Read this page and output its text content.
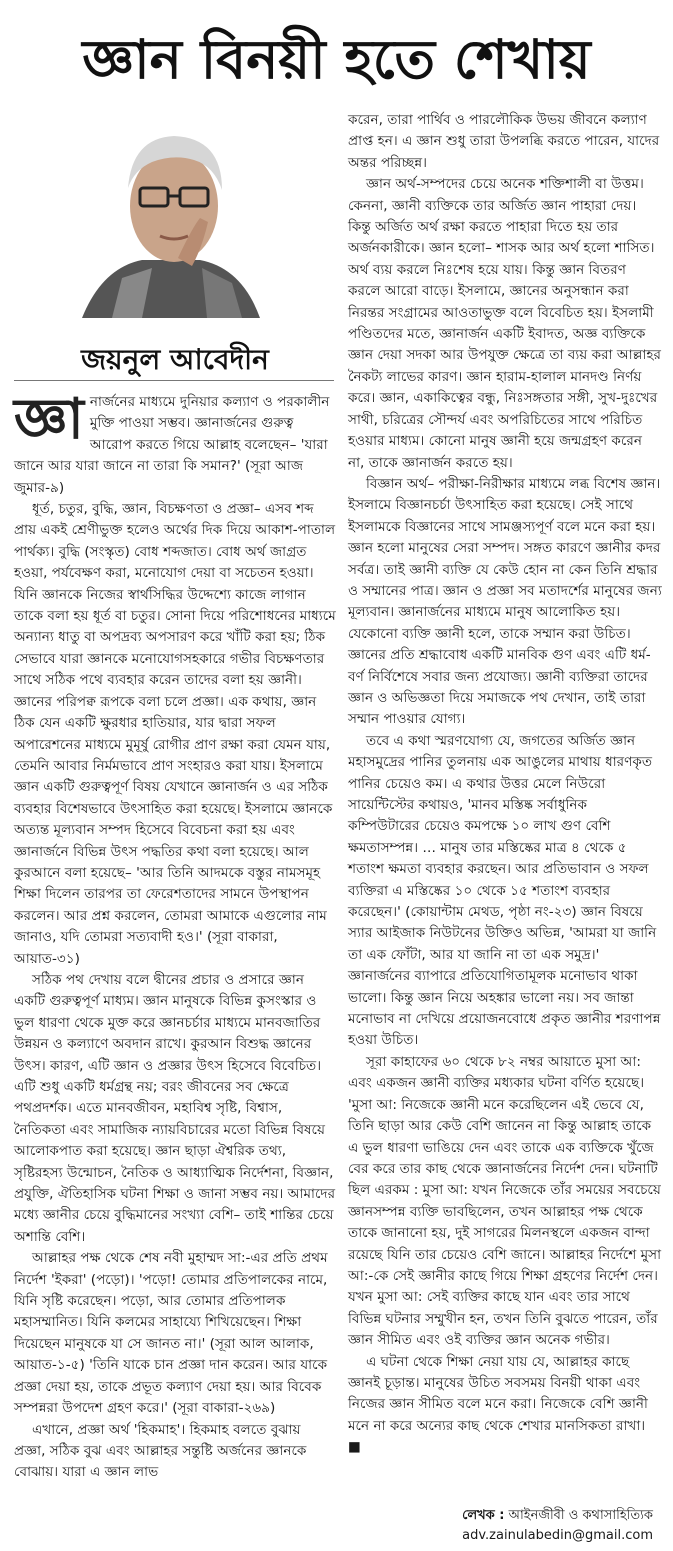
জ্ঞান বিনয়ী হতে শেখায়
জয়নুল আবেদীন

জ্ঞা নার্জনের মাধ্যমে দুনিয়ার কল্যাণ ও পরকালীন মুক্তি পাওয়া সম্ভব। জ্ঞানার্জনের গুরুত্ব আরোপ করতে গিয়ে আল্লাহ বলেছেন– 'যারা জানে আর যারা জানে না তারা কি সমান?' (সূরা আজ জুমার-৯)

ধূর্ত, চতুর, বুদ্ধি, জ্ঞান, বিচক্ষণতা ও প্রজ্ঞা– এসব শব্দ প্রায় একই শ্রেণীভুক্ত হলেও অর্থের দিক দিয়ে আকাশ-পাতাল পার্থক্য। বুদ্ধি (সংস্কৃত) বোধ শব্দজাত। বোধ অর্থ জাগ্রত হওয়া, পর্যবেক্ষণ করা, মনোযোগ দেয়া বা সচেতন হওয়া। যিনি জ্ঞানকে নিজের স্বার্থসিদ্ধির উদ্দেশ্যে কাজে লাগান তাকে বলা হয় ধূর্ত বা চতুর। সোনা দিয়ে পরিশোধনের মাধ্যমে অন্যান্য ধাতু বা অপদ্রব্য অপসারণ করে খাঁটি করা হয়; ঠিক সেভাবে যারা জ্ঞানকে মনোযোগসহকারে গভীর বিচক্ষণতার সাথে সঠিক পথে ব্যবহার করেন তাদের বলা হয় জ্ঞানী। জ্ঞানের পরিপক্ব রূপকে বলা চলে প্রজ্ঞা। এক কথায়, জ্ঞান ঠিক যেন একটি ক্ষুরধার হাতিয়ার, যার দ্বারা সফল অপারেশনের মাধ্যমে মুমূর্ষু রোগীর প্রাণ রক্ষা করা যেমন যায়, তেমনি আবার নির্মমভাবে প্রাণ সংহারও করা যায়। ইসলামে জ্ঞান একটি গুরুত্বপূর্ণ বিষয় যেখানে জ্ঞানার্জন ও এর সঠিক ব্যবহার বিশেষভাবে উৎসাহিত করা হয়েছে। ইসলামে জ্ঞানকে অত্যন্ত মূল্যবান সম্পদ হিসেবে বিবেচনা করা হয় এবং জ্ঞানার্জনে বিভিন্ন উৎস পদ্ধতির কথা বলা হয়েছে। আল কুরআনে বলা হয়েছে– 'আর তিনি আদমকে বস্তুর নামসমূহ শিক্ষা দিলেন তারপর তা ফেরেশতাদের সামনে উপস্থাপন করলেন। আর প্রশ্ন করলেন, তোমরা আমাকে এগুলোর নাম জানাও, যদি তোমরা সত্যবাদী হও।' (সূরা বাকারা, আয়াত-৩১)

সঠিক পথ দেখায় বলে দ্বীনের প্রচার ও প্রসারে জ্ঞান একটি গুরুত্বপূর্ণ মাধ্যম। জ্ঞান মানুষকে বিভিন্ন কুসংস্কার ও ভুল ধারণা থেকে মুক্ত করে জ্ঞানচর্চার মাধ্যমে মানবজাতির উন্নয়ন ও কল্যাণে অবদান রাখে। কুরআন বিশুদ্ধ জ্ঞানের উৎস। কারণ, এটি জ্ঞান ও প্রজ্ঞার উৎস হিসেবে বিবেচিত। এটি শুধু একটি ধর্মগ্রন্থ নয়; বরং জীবনের সব ক্ষেত্রে পথপ্রদর্শক। এতে মানবজীবন, মহাবিশ্ব সৃষ্টি, বিশ্বাস, নৈতিকতা এবং সামাজিক ন্যায়বিচারের মতো বিভিন্ন বিষয়ে আলোকপাত করা হয়েছে। জ্ঞান ছাড়া ঐশ্বরিক তথ্য, সৃষ্টিরহস্য উন্মোচন, নৈতিক ও আধ্যাত্মিক নির্দেশনা, বিজ্ঞান, প্রযুক্তি, ঐতিহাসিক ঘটনা শিক্ষা ও জানা সম্ভব নয়। আমাদের মধ্যে জ্ঞানীর চেয়ে বুদ্ধিমানের সংখ্যা বেশি– তাই শান্তির চেয়ে অশান্তি বেশি।

আল্লাহর পক্ষ থেকে শেষ নবী মুহাম্মদ সা:-এর প্রতি প্রথম নির্দেশ 'ইকরা' (পড়ো)। 'পড়ো! তোমার প্রতিপালকের নামে, যিনি সৃষ্টি করেছেন। পড়ো, আর তোমার প্রতিপালক মহাসম্মানিত। যিনি কলমের সাহায্যে শিখিয়েছেন। শিক্ষা দিয়েছেন মানুষকে যা সে জানত না।' (সূরা আল আলাক, আয়াত-১-৫) 'তিনি যাকে চান প্রজ্ঞা দান করেন। আর যাকে প্রজ্ঞা দেয়া হয়, তাকে প্রভূত কল্যাণ দেয়া হয়। আর বিবেক সম্পন্নরা উপদেশ গ্রহণ করে।' (সূরা বাকারা-২৬৯)

এখানে, প্রজ্ঞা অর্থ 'হিকমাহ'। হিকমাহ বলতে বুঝায় প্রজ্ঞা, সঠিক বুঝ এবং আল্লাহর সন্তুষ্টি অর্জনের জ্ঞানকে বোঝায়। যারা এ জ্ঞান লাভ

করেন, তারা পার্থিব ও পারলৌকিক উভয় জীবনে কল্যাণ প্রাপ্ত হন। এ জ্ঞান শুধু তারা উপলব্ধি করতে পারেন, যাদের অন্তর পরিচ্ছন্ন।

জ্ঞান অর্থ-সম্পদের চেয়ে অনেক শক্তিশালী বা উত্তম। কেননা, জ্ঞানী ব্যক্তিকে তার অর্জিত জ্ঞান পাহারা দেয়। কিন্তু অর্জিত অর্থ রক্ষা করতে পাহারা দিতে হয় তার অর্জনকারীকে। জ্ঞান হলো– শাসক আর অর্থ হলো শাসিত। অর্থ ব্যয় করলে নিঃশেষ হয়ে যায়। কিন্তু জ্ঞান বিতরণ করলে আরো বাড়ে। ইসলামে, জ্ঞানের অনুসন্ধান করা নিরন্তর সংগ্রামের আওতাভুক্ত বলে বিবেচিত হয়। ইসলামী পণ্ডিতদের মতে, জ্ঞানার্জন একটি ইবাদত, অজ্ঞ ব্যক্তিকে জ্ঞান দেয়া সদকা আর উপযুক্ত ক্ষেত্রে তা ব্যয় করা আল্লাহর নৈকট্য লাভের কারণ। জ্ঞান হারাম-হালাল মানদণ্ড নির্ণয় করে। জ্ঞান, একাকিত্বের বন্ধু, নিঃসঙ্গতার সঙ্গী, সুখ-দুঃখের সাথী, চরিত্রের সৌন্দর্য এবং অপরিচিতের সাথে পরিচিত হওয়ার মাধ্যম। কোনো মানুষ জ্ঞানী হয়ে জন্মগ্রহণ করেন না, তাকে জ্ঞানার্জন করতে হয়।

বিজ্ঞান অর্থ– পরীক্ষা-নিরীক্ষার মাধ্যমে লব্ধ বিশেষ জ্ঞান। ইসলামে বিজ্ঞানচর্চা উৎসাহিত করা হয়েছে। সেই সাথে ইসলামকে বিজ্ঞানের সাথে সামঞ্জস্যপূর্ণ বলে মনে করা হয়। জ্ঞান হলো মানুষের সেরা সম্পদ। সঙ্গত কারণে জ্ঞানীর কদর সর্বত্র। তাই জ্ঞানী ব্যক্তি যে কেউ হোন না কেন তিনি শ্রদ্ধার ও সম্মানের পাত্র। জ্ঞান ও প্রজ্ঞা সব মতাদর্শের মানুষের জন্য মূল্যবান। জ্ঞানার্জনের মাধ্যমে মানুষ আলোকিত হয়। যেকোনো ব্যক্তি জ্ঞানী হলে, তাকে সম্মান করা উচিত। জ্ঞানের প্রতি শ্রদ্ধাবোধ একটি মানবিক গুণ এবং এটি ধর্ম-বর্ণ নির্বিশেষে সবার জন্য প্রযোজ্য। জ্ঞানী ব্যক্তিরা তাদের জ্ঞান ও অভিজ্ঞতা দিয়ে সমাজকে পথ দেখান, তাই তারা সম্মান পাওয়ার যোগ্য।

তবে এ কথা স্মরণযোগ্য যে, জগতের অর্জিত জ্ঞান মহাসমুদ্রের পানির তুলনায় এক আঙুলের মাথায় ধারণকৃত পানির চেয়েও কম। এ কথার উত্তর মেলে নিউরো সায়েন্টিস্টের কথায়ও, 'মানব মস্তিষ্ক সর্বাধুনিক কম্পিউটারের চেয়েও কমপক্ষে ১০ লাখ গুণ বেশি ক্ষমতাসম্পন্ন। … মানুষ তার মস্তিষ্কের মাত্র ৪ থেকে ৫ শতাংশ ক্ষমতা ব্যবহার করছেন। আর প্রতিভাবান ও সফল ব্যক্তিরা এ মস্তিষ্কের ১০ থেকে ১৫ শতাংশ ব্যবহার করেছেন।' (কোয়ান্টাম মেথড, পৃষ্ঠা নং-২৩) জ্ঞান বিষয়ে স্যার আইজাক নিউটনের উক্তিও অভিন্ন, 'আমরা যা জানি তা এক ফোঁটা, আর যা জানি না তা এক সমুদ্র।' জ্ঞানার্জনের ব্যাপারে প্রতিযোগিতামূলক মনোভাব থাকা ভালো। কিন্তু জ্ঞান নিয়ে অহঙ্কার ভালো নয়। সব জান্তা মনোভাব না দেখিয়ে প্রয়োজনবোধে প্রকৃত জ্ঞানীর শরণাপন্ন হওয়া উচিত।

সূরা কাহাফের ৬০ থেকে ৮২ নম্বর আয়াতে মুসা আ: এবং একজন জ্ঞানী ব্যক্তির মধ্যকার ঘটনা বর্ণিত হয়েছে। 'মুসা আ: নিজেকে জ্ঞানী মনে করেছিলেন এই ভেবে যে, তিনি ছাড়া আর কেউ বেশি জানেন না কিন্তু আল্লাহ তাকে এ ভুল ধারণা ভাঙিয়ে দেন এবং তাকে এক ব্যক্তিকে খুঁজে বের করে তার কাছ থেকে জ্ঞানার্জনের নির্দেশ দেন। ঘটনাটি ছিল এরকম : মুসা আ: যখন নিজেকে তাঁর সময়ের সবচেয়ে জ্ঞানসম্পন্ন ব্যক্তি ভাবছিলেন, তখন আল্লাহর পক্ষ থেকে তাকে জানানো হয়, দুই সাগরের মিলনস্থলে একজন বান্দা রয়েছে যিনি তার চেয়েও বেশি জানে। আল্লাহর নির্দেশে মুসা আ:-কে সেই জ্ঞানীর কাছে গিয়ে শিক্ষা গ্রহণের নির্দেশ দেন। যখন মুসা আ: সেই ব্যক্তির কাছে যান এবং তার সাথে বিভিন্ন ঘটনার সম্মুখীন হন, তখন তিনি বুঝতে পারেন, তাঁর জ্ঞান সীমিত এবং ওই ব্যক্তির জ্ঞান অনেক গভীর।

এ ঘটনা থেকে শিক্ষা নেয়া যায় যে, আল্লাহর কাছে জ্ঞানই চূড়ান্ত। মানুষের উচিত সবসময় বিনয়ী থাকা এবং নিজের জ্ঞান সীমিত বলে মনে করা। নিজেকে বেশি জ্ঞানী মনে না করে অন্যের কাছ থেকে শেখার মানসিকতা রাখা। ■

লেখক : আইনজীবী ও কথাসাহিত্যিক
adv.zainulabedin@gmail.com
